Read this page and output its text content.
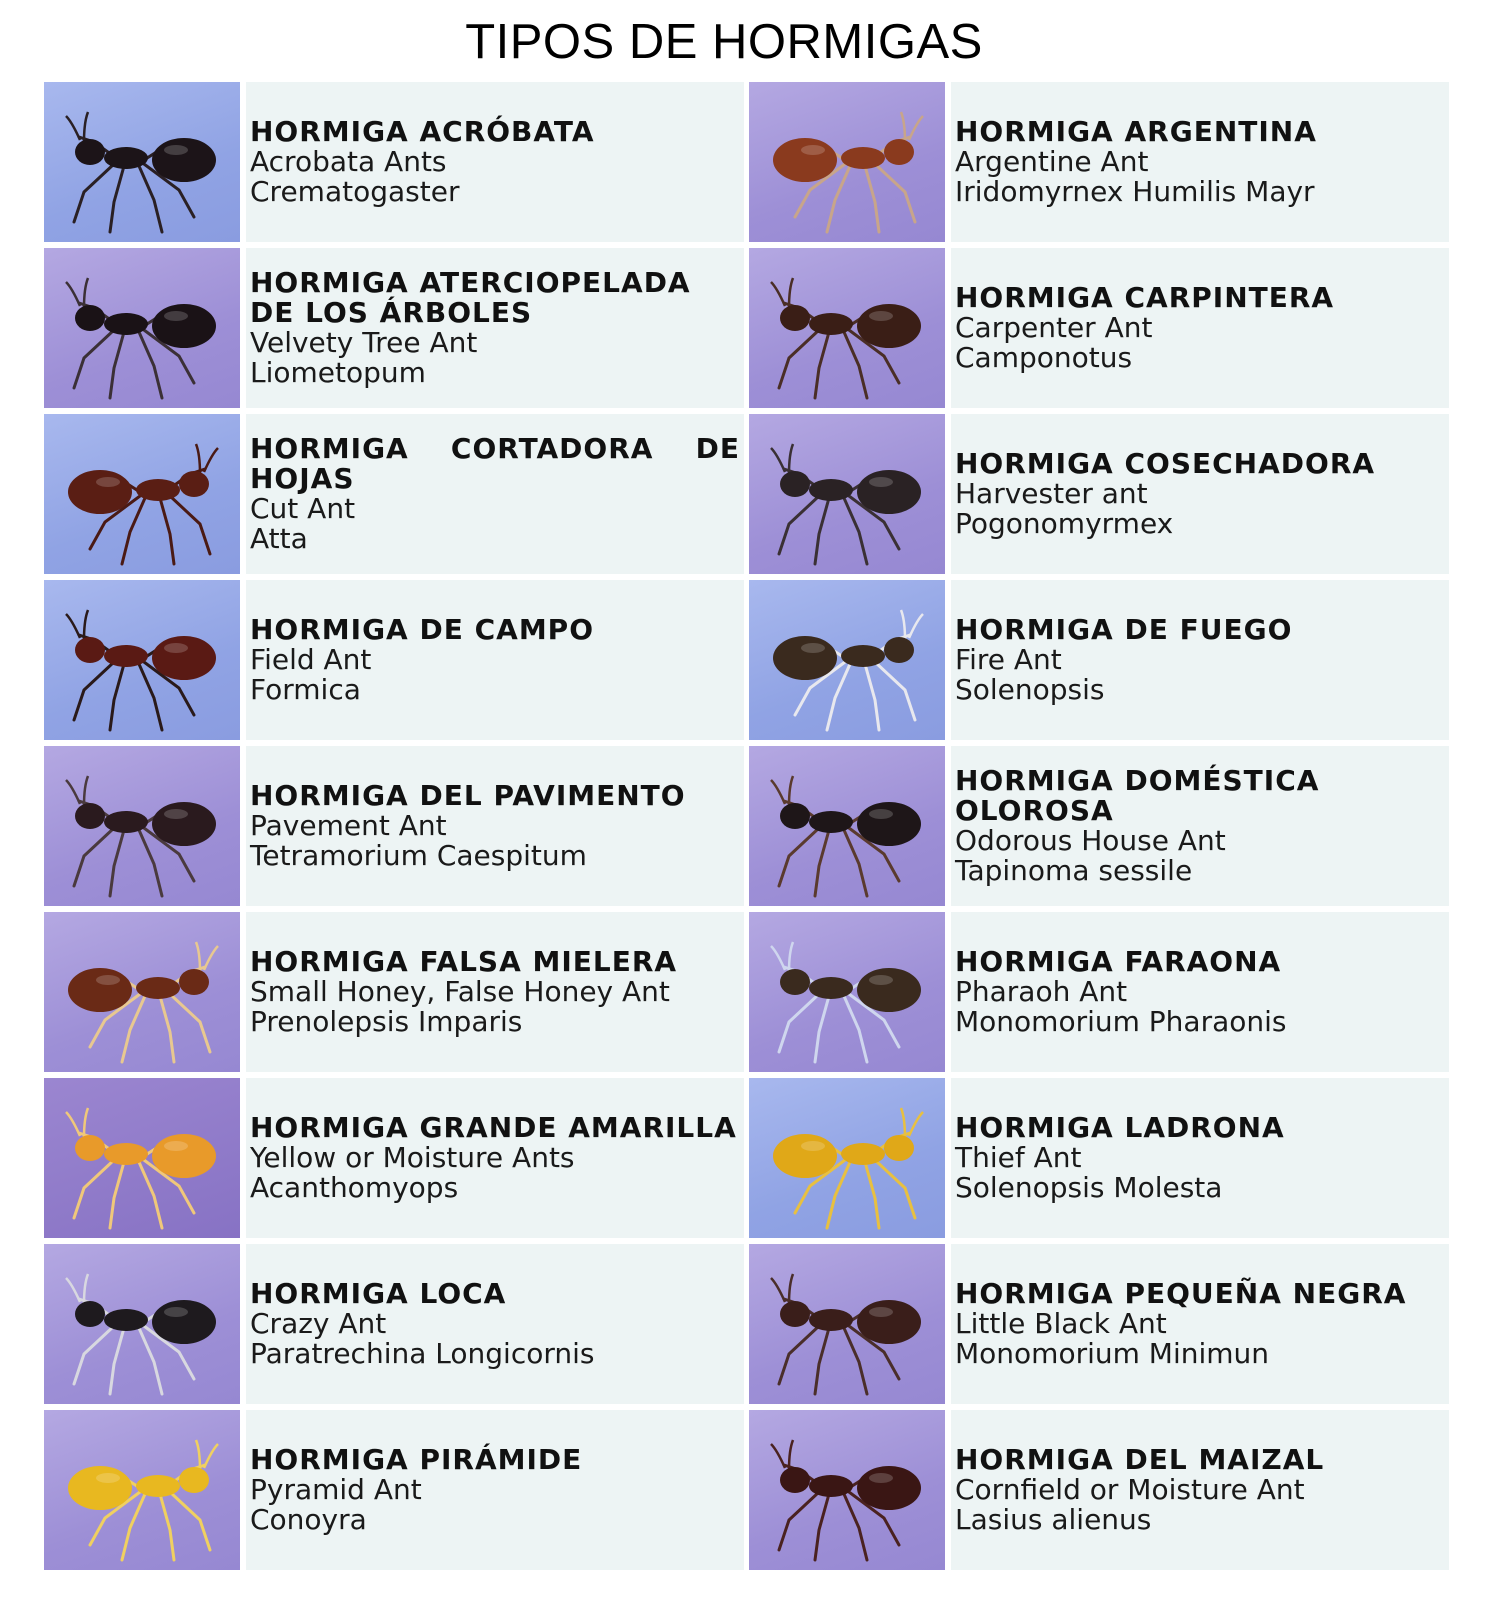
TIPOS DE HORMIGAS
HORMIGA ACRÓBATA
Acrobata Ants
Crematogaster
HORMIGA ARGENTINA
Argentine Ant
Iridomyrnex Humilis Mayr
HORMIGA ATERCIOPELADA DE LOS ÁRBOLES
Velvety Tree Ant
Liometopum
HORMIGA CARPINTERA
Carpenter Ant
Camponotus
HORMIGA CORTADORA DE HOJAS
Cut Ant
Atta
HORMIGA COSECHADORA
Harvester ant
Pogonomyrmex
HORMIGA DE CAMPO
Field Ant
Formica
HORMIGA DE FUEGO
Fire Ant
Solenopsis
HORMIGA DEL PAVIMENTO
Pavement Ant
Tetramorium Caespitum
HORMIGA DOMÉSTICA OLOROSA
Odorous House Ant
Tapinoma sessile
HORMIGA FALSA MIELERA
Small Honey, False Honey Ant
Prenolepsis Imparis
HORMIGA FARAONA
Pharaoh Ant
Monomorium Pharaonis
HORMIGA GRANDE AMARILLA
Yellow or Moisture Ants
Acanthomyops
HORMIGA LADRONA
Thief Ant
Solenopsis Molesta
HORMIGA LOCA
Crazy Ant
Paratrechina Longicornis
HORMIGA PEQUEÑA NEGRA
Little Black Ant
Monomorium Minimun
HORMIGA PIRÁMIDE
Pyramid Ant
Conoyra
HORMIGA DEL MAIZAL
Cornfield or Moisture Ant
Lasius alienus
